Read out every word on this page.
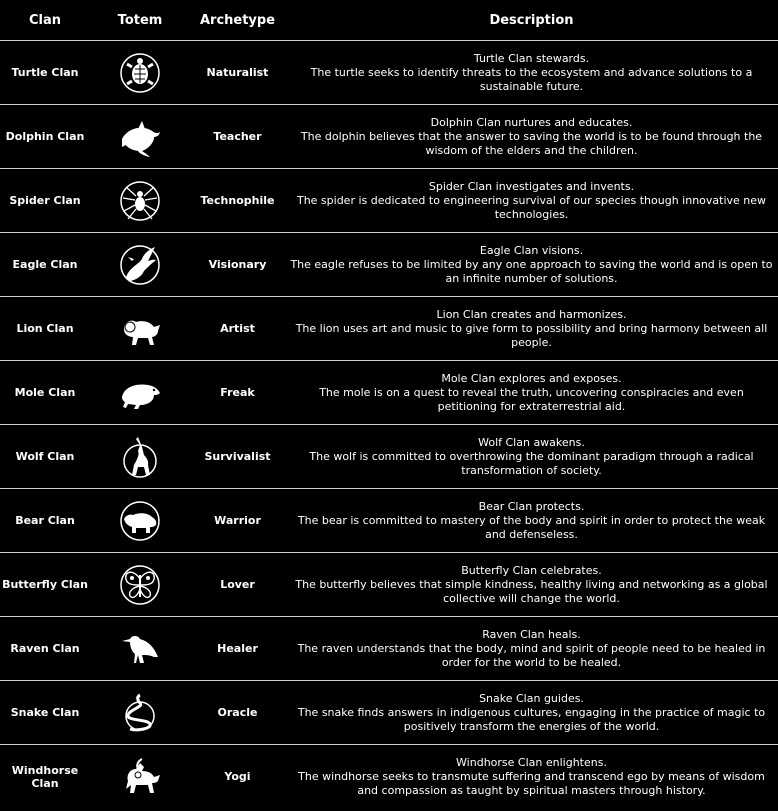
Clan	Totem	Archetype	Description
Turtle Clan		Naturalist	Turtle Clan stewards.
The turtle seeks to identify threats to the ecosystem and advance solutions to a sustainable future.

Dolphin Clan		Teacher	Dolphin Clan nurtures and educates.
The dolphin believes that the answer to saving the world is to be found through the wisdom of the elders and the children.

Spider Clan		Technophile	Spider Clan investigates and invents.
The spider is dedicated to engineering survival of our species though innovative new technologies.

Eagle Clan		Visionary	Eagle Clan visions.
The eagle refuses to be limited by any one approach to saving the world and is open to an infinite number of solutions.

Lion Clan		Artist	Lion Clan creates and harmonizes.
The lion uses art and music to give form to possibility and bring harmony between all people.

Mole Clan		Freak	Mole Clan explores and exposes.
The mole is on a quest to reveal the truth, uncovering conspiracies and even petitioning for extraterrestrial aid.

Wolf Clan		Survivalist	Wolf Clan awakens.
The wolf is committed to overthrowing the dominant paradigm through a radical transformation of society.

Bear Clan		Warrior	Bear Clan protects.
The bear is committed to mastery of the body and spirit in order to protect the weak and defenseless.

Butterfly Clan		Lover	Butterfly Clan celebrates.
The butterfly believes that simple kindness, healthy living and networking as a global collective will change the world.

Raven Clan		Healer	Raven Clan heals.
The raven understands that the body, mind and spirit of people need to be healed in order for the world to be healed.

Snake Clan		Oracle	Snake Clan guides.
The snake finds answers in indigenous cultures, engaging in the practice of magic to positively transform the energies of the world.

Windhorse Clan		Yogi	Windhorse Clan enlightens.
The windhorse seeks to transmute suffering and transcend ego by means of wisdom and compassion as taught by spiritual masters through history.
